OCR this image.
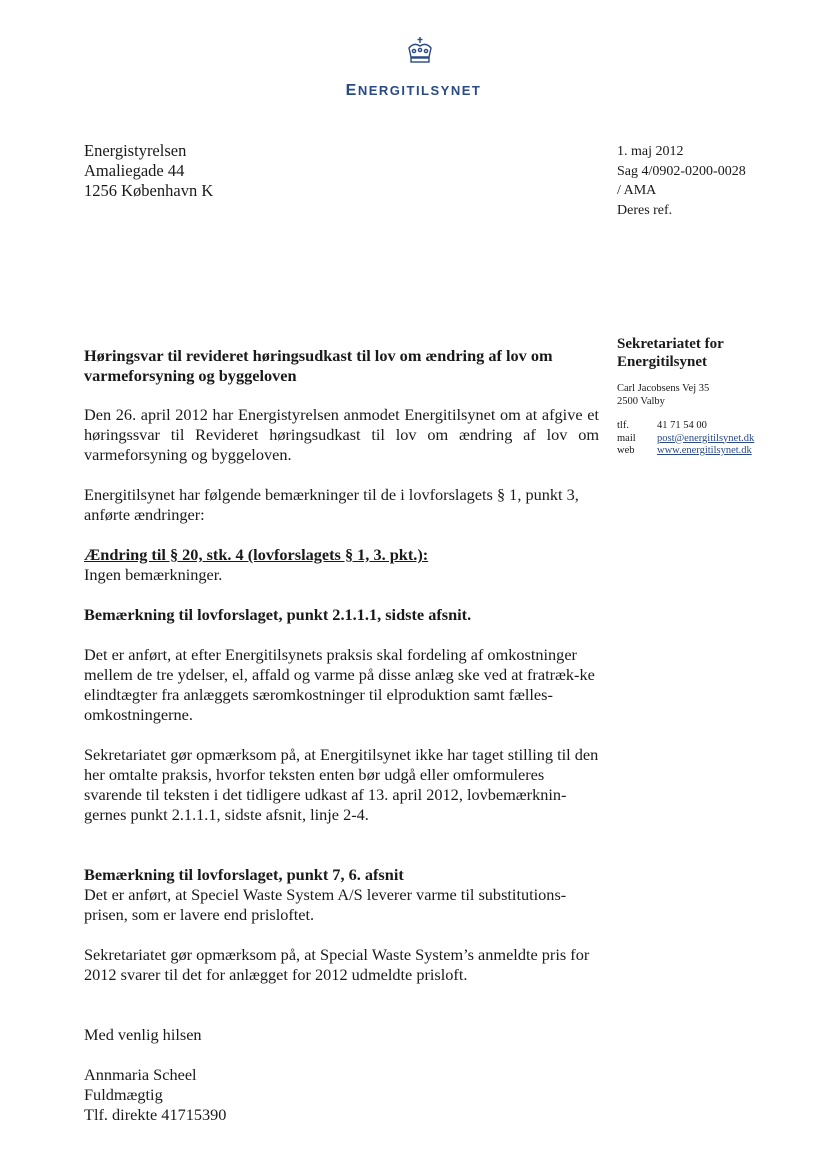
ENERGITILSYNET
Energistyrelsen
Amaliegade 44
1256 København K
1. maj 2012
Sag 4/0902-0200-0028
/ AMA
Deres ref.
Sekretariatet for
Energitilsynet
Carl Jacobsens Vej 35
2500 Valby
tlf.	41 71 54 00
mail	post@energitilsynet.dk
web	www.energitilsynet.dk

Høringsvar til revideret høringsudkast til lov om ændring af lov om varmeforsyning og byggeloven

Den 26. april 2012 har Energistyrelsen anmodet Energitilsynet om at afgive et høringssvar til Revideret høringsudkast til lov om ændring af lov om varmeforsyning og byggeloven.

Energitilsynet har følgende bemærkninger til de i lovforslagets § 1, punkt 3, anførte ændringer:

Ændring til § 20, stk. 4 (lovforslagets § 1, 3. pkt.):

Ingen bemærkninger.

Bemærkning til lovforslaget, punkt 2.1.1.1, sidste afsnit.

Det er anført, at efter Energitilsynets praksis skal fordeling af omkostninger mellem de tre ydelser, el, affald og varme på disse anlæg ske ved at fratræk-ke elindtægter fra anlæggets særomkostninger til elproduktion samt fælles-omkostningerne.

Sekretariatet gør opmærksom på, at Energitilsynet ikke har taget stilling til den her omtalte praksis, hvorfor teksten enten bør udgå eller omformuleres svarende til teksten i det tidligere udkast af 13. april 2012, lovbemærknin-gernes punkt 2.1.1.1, sidste afsnit, linje 2-4.

Bemærkning til lovforslaget, punkt 7, 6. afsnit

Det er anført, at Speciel Waste System A/S leverer varme til substitutions-prisen, som er lavere end prisloftet.

Sekretariatet gør opmærksom på, at Special Waste System’s anmeldte pris for 2012 svarer til det for anlægget for 2012 udmeldte prisloft.

Med venlig hilsen
Annmaria Scheel
Fuldmægtig
Tlf. direkte 41715390
